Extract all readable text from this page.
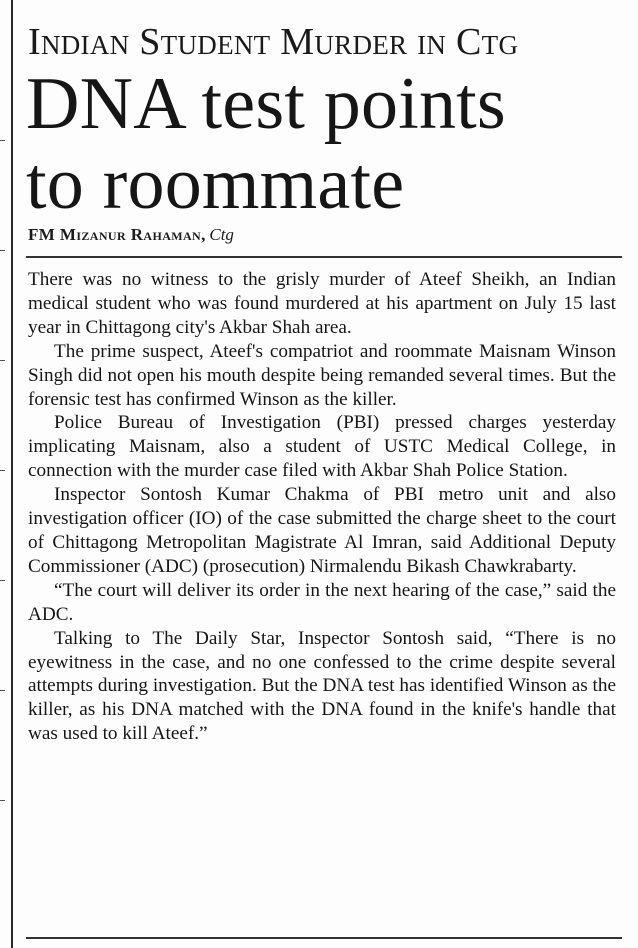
Indian Student Murder in Ctg
DNA test points
to roommate
FM Mizanur Rahaman, Ctg

There was no witness to the grisly murder of Ateef Sheikh, an Indian medical student who was found murdered at his apartment on July 15 last year in Chittagong city's Akbar Shah area.

The prime suspect, Ateef's compatriot and roommate Maisnam Winson Singh did not open his mouth despite being remanded several times. But the forensic test has confirmed Winson as the killer.

Police Bureau of Investigation (PBI) pressed charges yesterday implicating Maisnam, also a student of USTC Medical College, in connection with the murder case filed with Akbar Shah Police Station.

Inspector Sontosh Kumar Chakma of PBI metro unit and also investigation officer (IO) of the case submitted the charge sheet to the court of Chittagong Metropolitan Magistrate Al Imran, said Additional Deputy Commissioner (ADC) (prosecution) Nirmalendu Bikash Chawkrabarty.

“The court will deliver its order in the next hearing of the case,” said the ADC.

Talking to The Daily Star, Inspector Sontosh said, “There is no eyewitness in the case, and no one confessed to the crime despite several attempts during investigation. But the DNA test has identified Winson as the killer, as his DNA matched with the DNA found in the knife's handle that was used to kill Ateef.”
